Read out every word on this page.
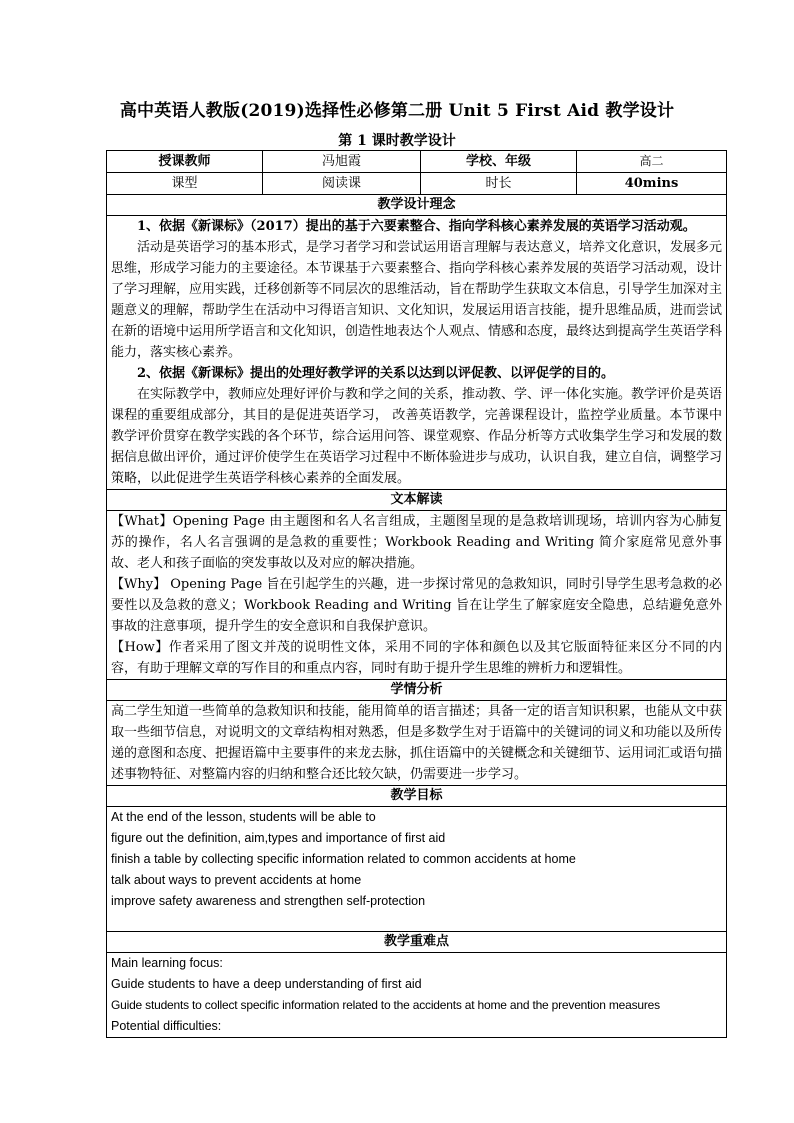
高中英语人教版(2019)选择性必修第二册 Unit 5 First Aid 教学设计
第 1 课时教学设计
授课教师	冯旭霞	学校、年级	高二
课型	阅读课	时长	40mins
教学设计理念			

1、依据《新课标》（2017）提出的基于六要素整合、指向学科核心素养发展的英语学习活动观。

活动是英语学习的基本形式，是学习者学习和尝试运用语言理解与表达意义，培养文化意识，发展多元思维，形成学习能力的主要途径。本节课基于六要素整合、指向学科核心素养发展的英语学习活动观，设计了学习理解，应用实践，迁移创新等不同层次的思维活动，旨在帮助学生获取文本信息，引导学生加深对主题意义的理解，帮助学生在活动中习得语言知识、文化知识，发展运用语言技能，提升思维品质，进而尝试在新的语境中运用所学语言和文化知识，创造性地表达个人观点、情感和态度，最终达到提高学生英语学科能力，落实核心素养。

2、依据《新课标》提出的处理好教学评的关系以达到以评促教、以评促学的目的。

在实际教学中，教师应处理好评价与教和学之间的关系，推动教、学、评一体化实施。教学评价是英语课程的重要组成部分，其目的是促进英语学习， 改善英语教学，完善课程设计，监控学业质量。本节课中教学评价贯穿在教学实践的各个环节，综合运用问答、课堂观察、作品分析等方式收集学生学习和发展的数据信息做出评价，通过评价使学生在英语学习过程中不断体验进步与成功，认识自我，建立自信，调整学习策略，以此促进学生英语学科核心素养的全面发展。			

文本解读			

【What】Opening Page 由主题图和名人名言组成，主题图呈现的是急救培训现场，培训内容为心肺复苏的操作，名人名言强调的是急救的重要性；Workbook Reading and Writing 简介家庭常见意外事故、老人和孩子面临的突发事故以及对应的解决措施。

【Why】 Opening Page 旨在引起学生的兴趣，进一步探讨常见的急救知识，同时引导学生思考急救的必要性以及急救的意义；Workbook Reading and Writing 旨在让学生了解家庭安全隐患，总结避免意外事故的注意事项，提升学生的安全意识和自我保护意识。

【How】作者采用了图文并茂的说明性文体，采用不同的字体和颜色以及其它版面特征来区分不同的内容，有助于理解文章的写作目的和重点内容，同时有助于提升学生思维的辨析力和逻辑性。			

学情分析			

高二学生知道一些简单的急救知识和技能，能用简单的语言描述；具备一定的语言知识积累，也能从文中获取一些细节信息，对说明文的文章结构相对熟悉，但是多数学生对于语篇中的关键词的词义和功能以及所传递的意图和态度、把握语篇中主要事件的来龙去脉，抓住语篇中的关键概念和关键细节、运用词汇或语句描述事物特征、对整篇内容的归纳和整合还比较欠缺，仍需要进一步学习。			

教学目标			

At the end of the lesson, students will be able to

figure out the definition, aim,types and importance of first aid

finish a table by collecting specific information related to common accidents at home

talk about ways to prevent accidents at home

improve safety awareness and strengthen self-protection			

教学重难点			

Main learning focus:

Guide students to have a deep understanding of first aid

Guide students to collect specific information related to the accidents at home and the prevention measures

Potential difficulties:			
